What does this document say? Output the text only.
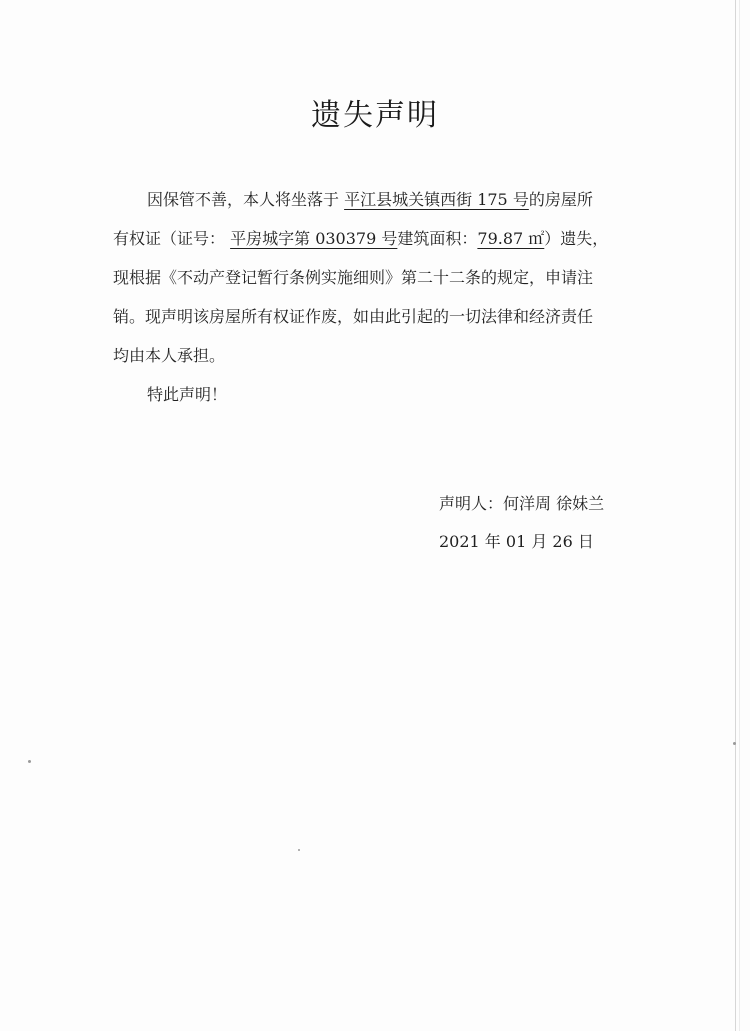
遗失声明
因保管不善，本人将坐落于 平江县城关镇西街 175 号的房屋所
有权证（证号： 平房城字第 030379 号建筑面积：79.87 ㎡）遗失，
现根据《不动产登记暂行条例实施细则》第二十二条的规定，申请注
销。现声明该房屋所有权证作废，如由此引起的一切法律和经济责任
均由本人承担。
特此声明！
声明人：何洋周 徐妹兰
2021 年 01 月 26 日
